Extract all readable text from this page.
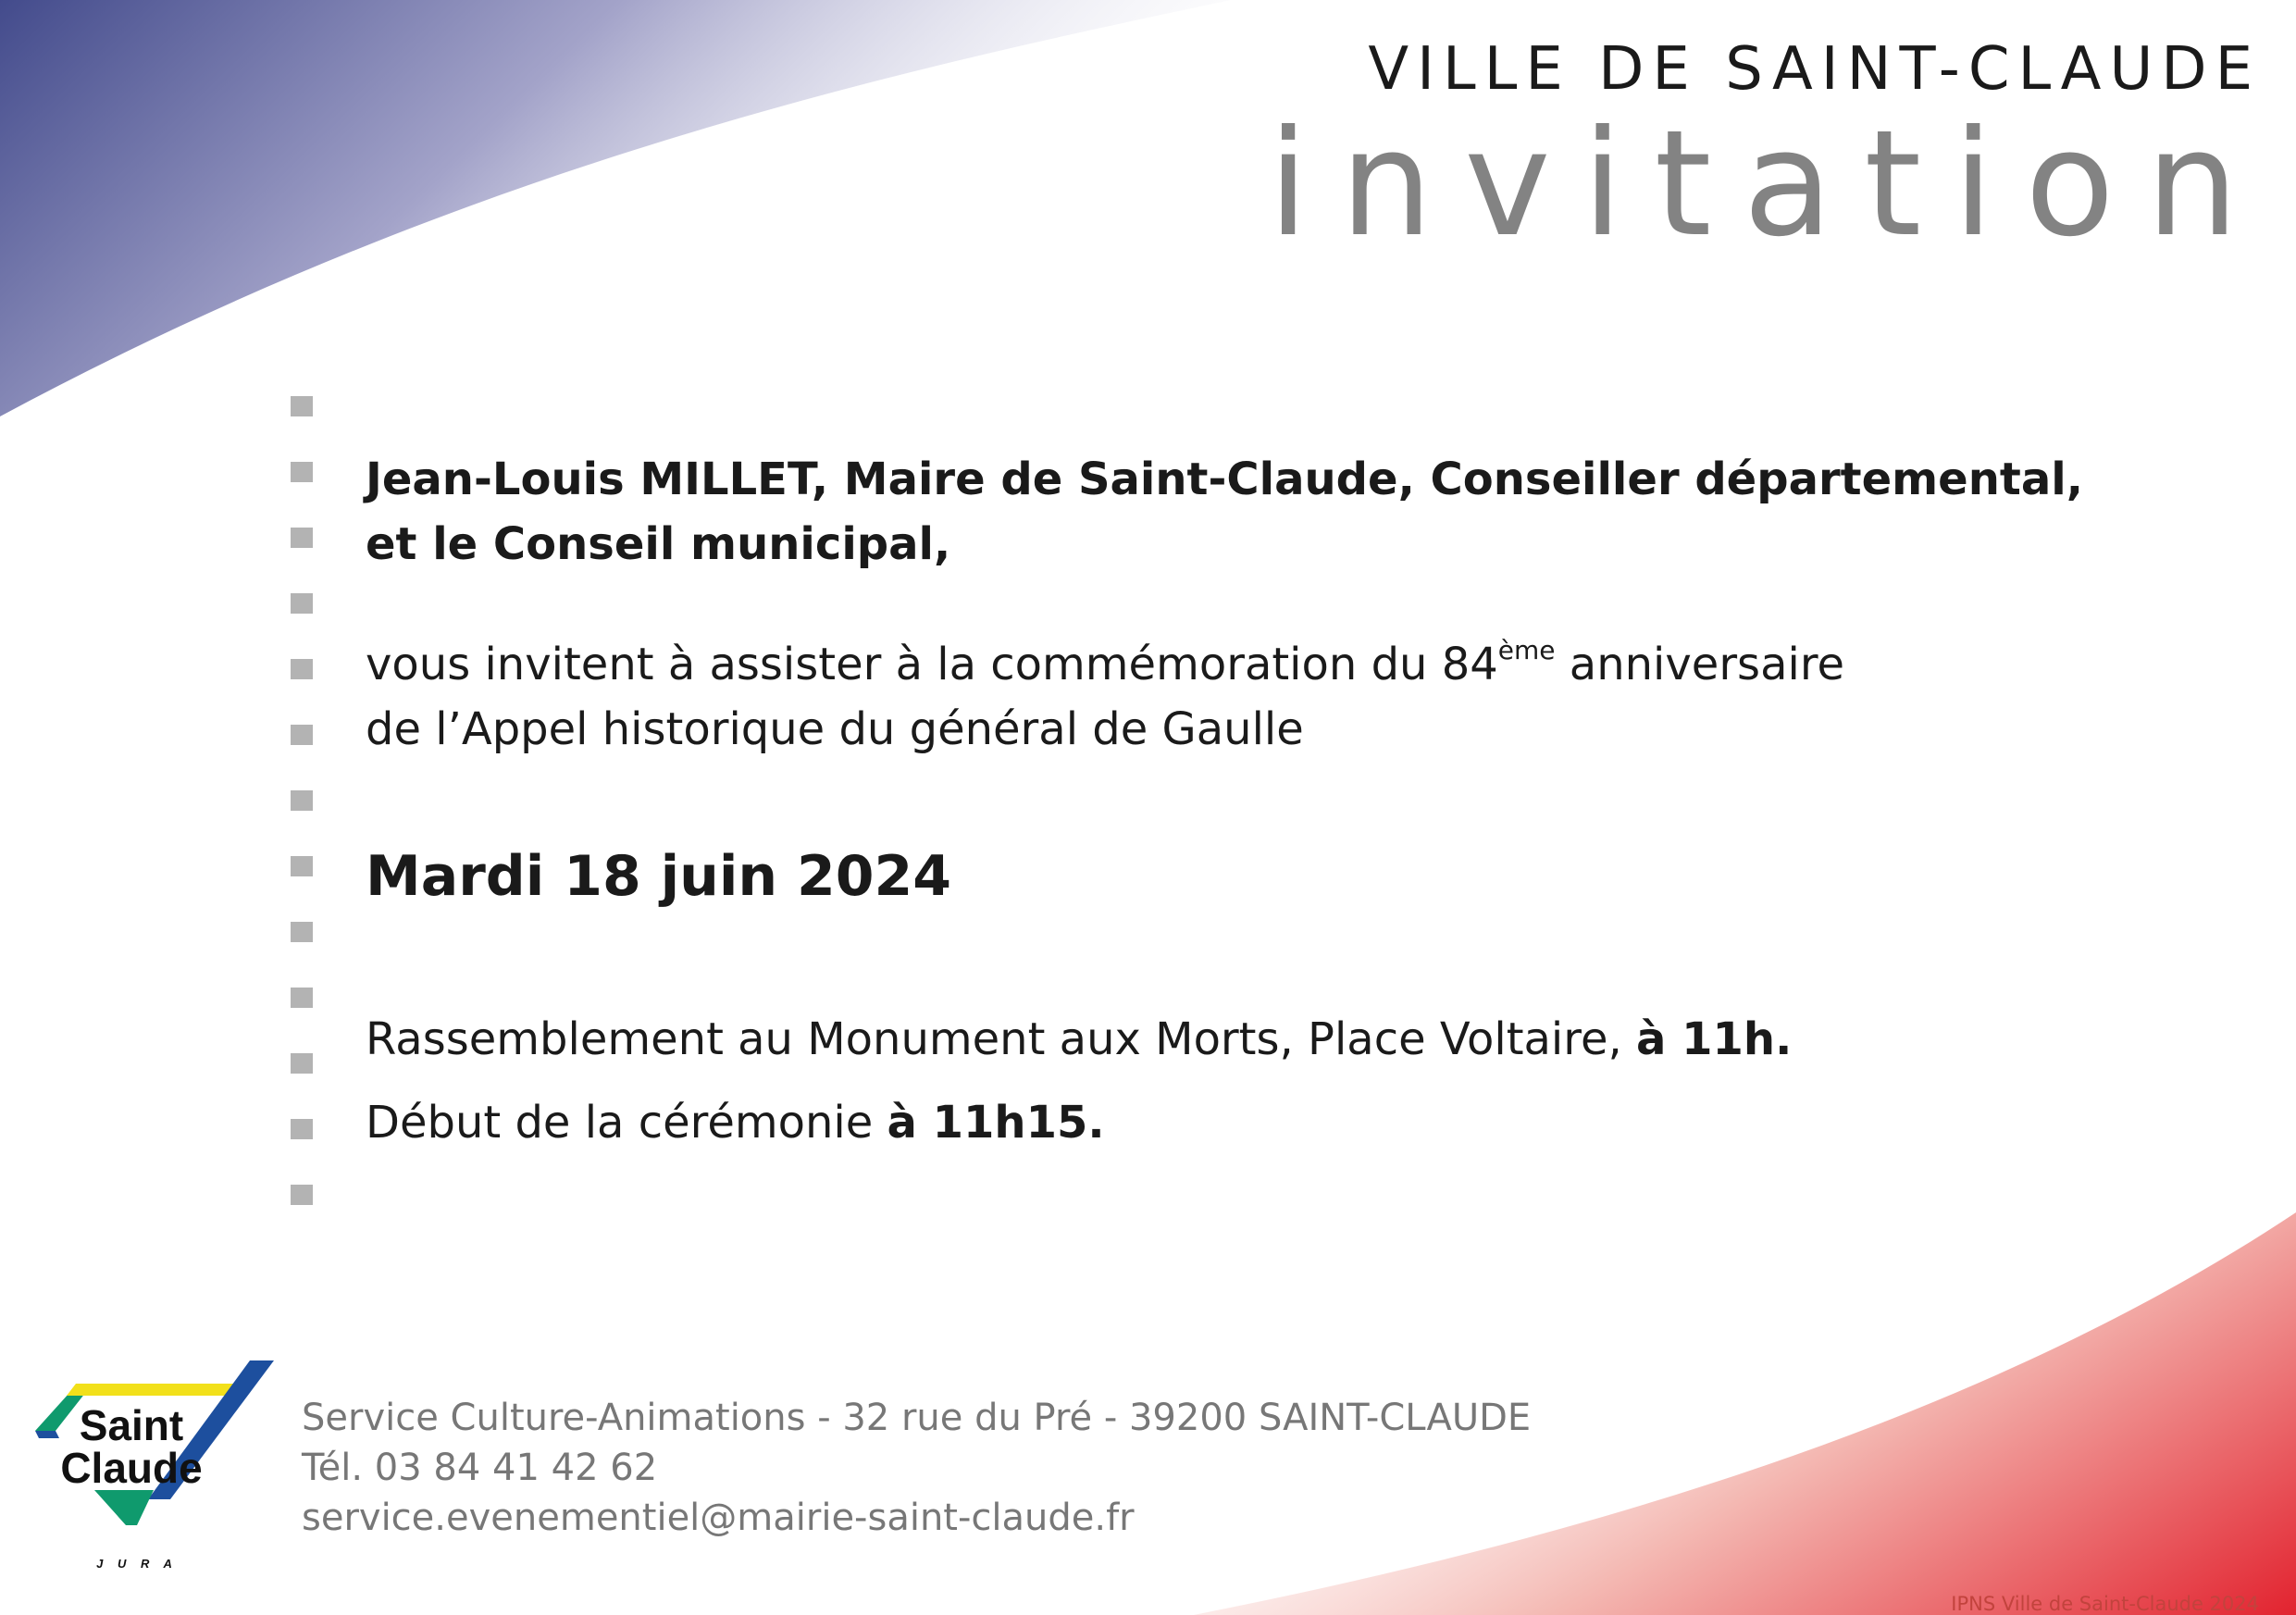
VILLE DE SAINT-CLAUDE
invitation
Jean-Louis MILLET, Maire de Saint-Claude, Conseiller départemental,
et le Conseil municipal,
vous invitent à assister à la commémoration du 84ème anniversaire
de l’Appel historique du général de Gaulle
Mardi 18 juin 2024
Rassemblement au Monument aux Morts, Place Voltaire, à 11h.
Début de la cérémonie à 11h15.
Saint
Claude
J U R A
Service Culture-Animations - 32 rue du Pré - 39200 SAINT-CLAUDE
Tél. 03 84 41 42 62
service.evenementiel@mairie-saint-claude.fr
IPNS Ville de Saint-Claude 2024
